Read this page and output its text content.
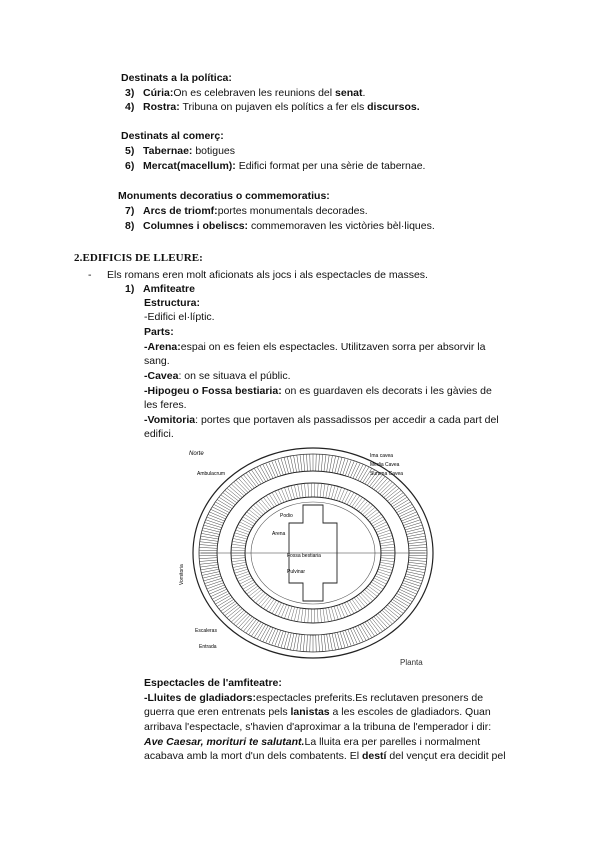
Destinats a la política:
3) Cúria:On es celebraven les reunions del senat.
4) Rostra: Tribuna on pujaven els polítics a fer els discursos.
Destinats al comerç:
5) Tabernae: botigues
6) Mercat(macellum): Edifici format per una sèrie de tabernae.
Monuments decoratius o commemoratius:
7) Arcs de triomf:portes monumentals decorades.
8) Columnes i obeliscs: commemoraven les victòries bèl·liques.
2.EDIFICIS DE LLEURE:
- Els romans eren molt aficionats als jocs i als espectacles de masses.
1) Amfiteatre
Estructura:
-Edifici el·líptic.
Parts:
-Arena:espai on es feien els espectacles. Utilitzaven sorra per absorvir la
sang.
-Cavea: on se situava el públic.
-Hipogeu o Fossa bestiaria: on es guardaven els decorats i les gàvies de
les feres.
-Vomitoria: portes que portaven als passadissos per accedir a cada part del
edifici.
Norte
Ambulacrum
Ima cavea
Media Cavea
Summa Cavea
Podio
Arena
Fossa bestiaria
Pulvinar
Vomitoria
Escaleras
Entrada
Planta
Espectacles de l'amfiteatre:
-Lluites de gladiadors:espectacles preferits.Es reclutaven presoners de
guerra que eren entrenats pels lanistas a les escoles de gladiadors. Quan
arribava l'espectacle, s'havien d'aproximar a la tribuna de l'emperador i dir:
Ave Caesar, morituri te salutant.La lluita era per parelles i normalment
acabava amb la mort d'un dels combatents. El destí del vençut era decidit pel
